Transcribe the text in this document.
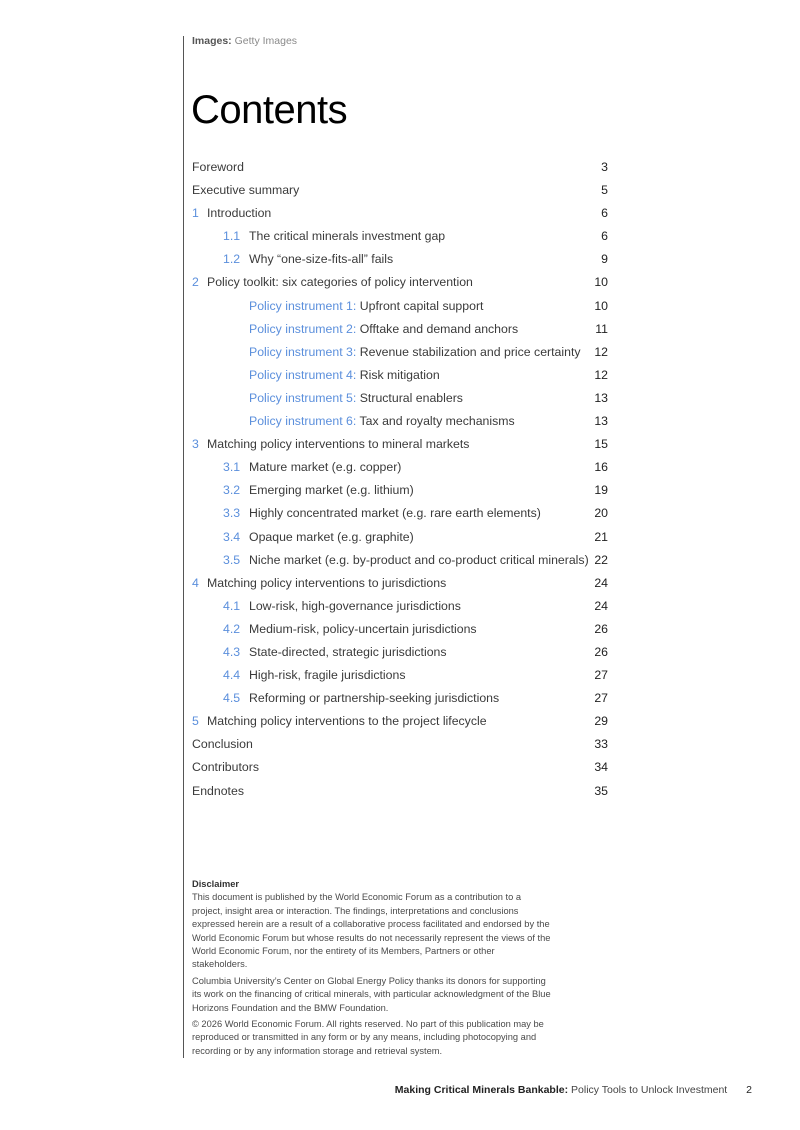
Images: Getty Images
Contents
Foreword	3
Executive summary	5
1 Introduction	6
1.1 The critical minerals investment gap	6
1.2 Why “one-size-fits-all” fails	9
2 Policy toolkit: six categories of policy intervention	10
Policy instrument 1: Upfront capital support	10
Policy instrument 2: Offtake and demand anchors	11
Policy instrument 3: Revenue stabilization and price certainty 12
Policy instrument 4: Risk mitigation	12
Policy instrument 5: Structural enablers	13
Policy instrument 6: Tax and royalty mechanisms	13
3 Matching policy interventions to mineral markets	15
3.1 Mature market (e.g. copper)	16
3.2 Emerging market (e.g. lithium)	19
3.3 Highly concentrated market (e.g. rare earth elements)	20
3.4 Opaque market (e.g. graphite)	21
3.5 Niche market (e.g. by-product and co-product critical minerals) 22
4 Matching policy interventions to jurisdictions	24
4.1 Low-risk, high-governance jurisdictions	24
4.2 Medium-risk, policy-uncertain jurisdictions	26
4.3 State-directed, strategic jurisdictions	26
4.4 High-risk, fragile jurisdictions	27
4.5 Reforming or partnership-seeking jurisdictions	27
5 Matching policy interventions to the project lifecycle	29
Conclusion	33
Contributors	34
Endnotes	35

Disclaimer

This document is published by the World Economic Forum as a contribution to a project, insight area or interaction. The findings, interpretations and conclusions expressed herein are a result of a collaborative process facilitated and endorsed by the World Economic Forum but whose results do not necessarily represent the views of the World Economic Forum, nor the entirety of its Members, Partners or other stakeholders.

Columbia University’s Center on Global Energy Policy thanks its donors for supporting its work on the financing of critical minerals, with particular acknowledgment of the Blue Horizons Foundation and the BMW Foundation.

© 2026 World Economic Forum. All rights reserved. No part of this publication may be reproduced or transmitted in any form or by any means, including photocopying and recording or by any information storage and retrieval system.

Making Critical Minerals Bankable: Policy Tools to Unlock Investment 2
